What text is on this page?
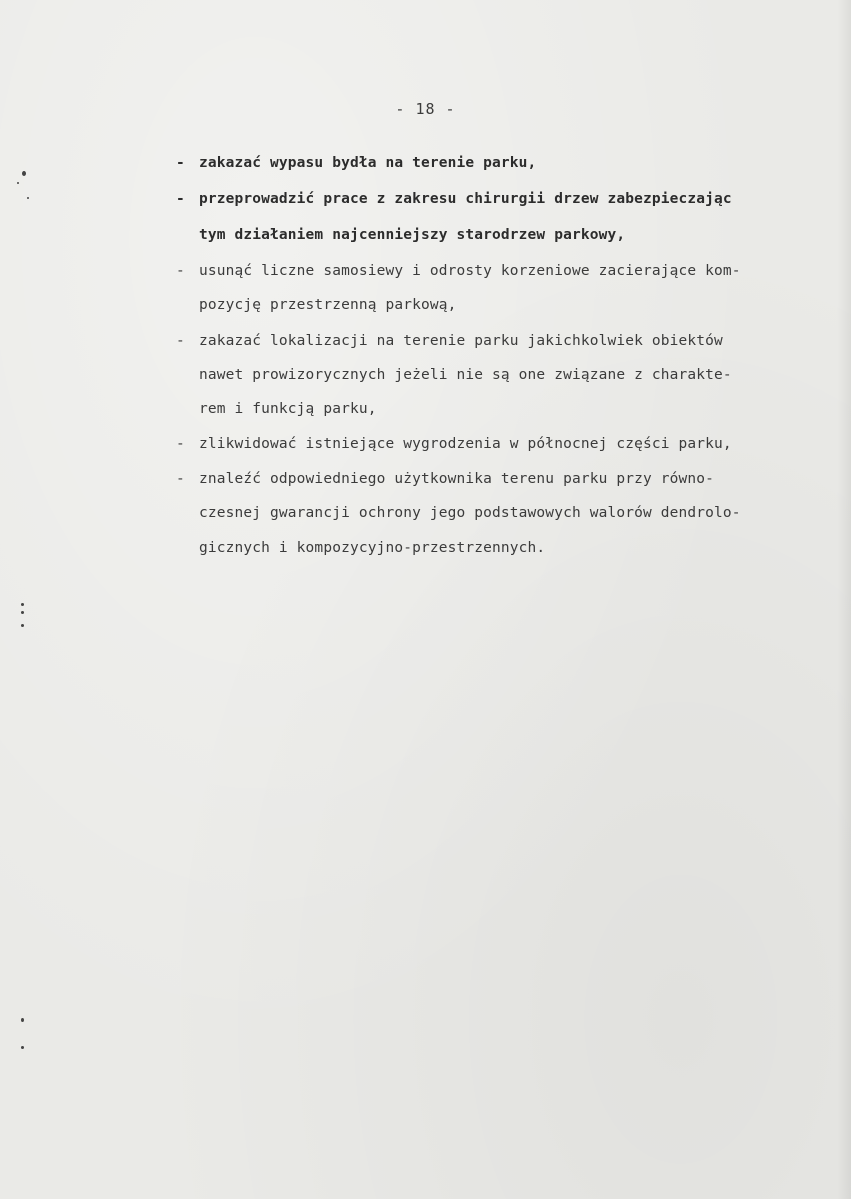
- 18 -
- zakazać wypasu bydła na terenie parku,
- przeprowadzić prace z zakresu chirurgii drzew zabezpieczając
tym działaniem najcenniejszy starodrzew parkowy,
- usunąć liczne samosiewy i odrosty korzeniowe zacierające kom-
pozycję przestrzenną parkową,
- zakazać lokalizacji na terenie parku jakichkolwiek obiektów
nawet prowizorycznych jeżeli nie są one związane z charakte-
rem i funkcją parku,
- zlikwidować istniejące wygrodzenia w północnej części parku,
- znaleźć odpowiedniego użytkownika terenu parku przy równo-
czesnej gwarancji ochrony jego podstawowych walorów dendrolo-
gicznych i kompozycyjno-przestrzennych.
